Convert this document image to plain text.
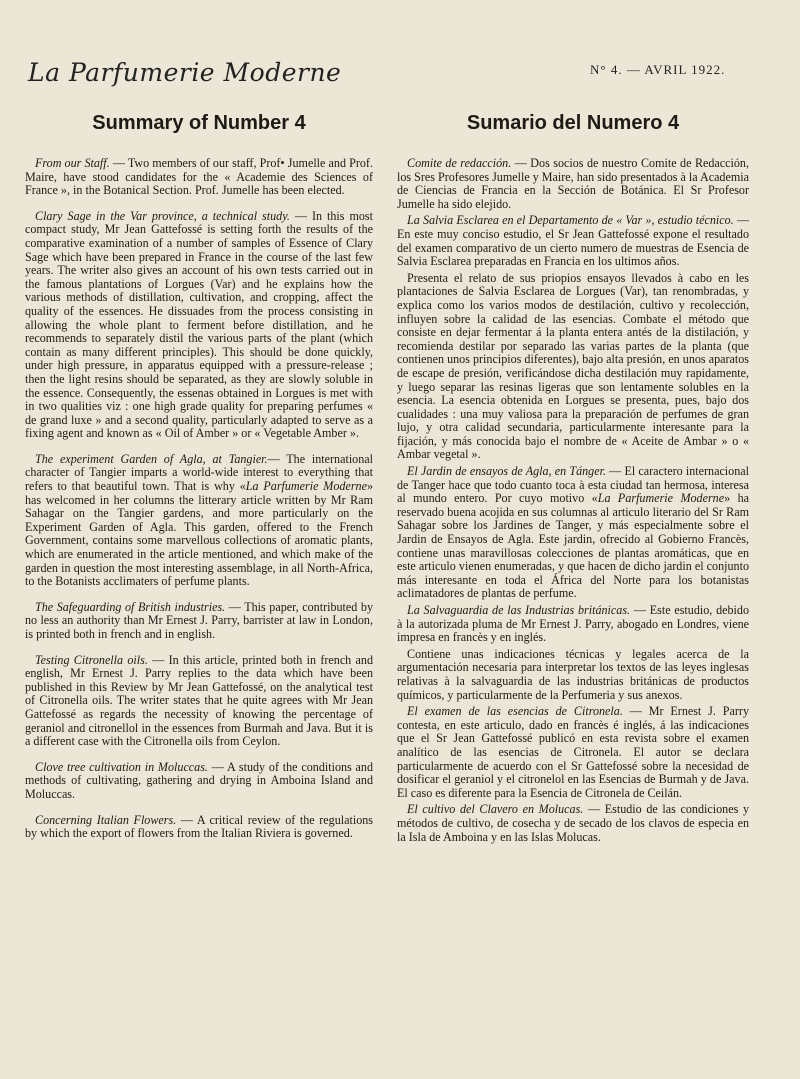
La Parfumerie Moderne	N° 4. — AVRIL 1922.
Summary of Number 4

From our Staff. — Two members of our staff, Prof• Jumelle and Prof. Maire, have stood candidates for the « Academie des Sciences of France », in the Botanical Section. Prof. Jumelle has been elected.

Clary Sage in the Var province, a technical study. — In this most compact study, Mr Jean Gattefossé is setting forth the results of the comparative examination of a number of samples of Essence of Clary Sage which have been prepared in France in the course of the last few years. The writer also gives an account of his own tests carried out in the famous plantations of Lorgues (Var) and he explains how the various methods of distillation, cultivation, and cropping, affect the quality of the essences. He dissuades from the process consisting in allowing the whole plant to ferment before distillation, and he recommends to separately distil the various parts of the plant (which contain as many different principles). This should be done quickly, under high pressure, in apparatus equipped with a pressure-release ; then the light resins should be separated, as they are slowly soluble in the essence. Consequently, the essenas obtained in Lorgues is met with in two qualities viz : one high grade quality for preparing perfumes « de grand luxe » and a second quality, particularly adapted to serve as a fixing agent and known as « Oil of Amber » or « Vegetable Amber ».

The experiment Garden of Agla, at Tangier.— The international character of Tangier imparts a world-wide interest to everything that refers to that beautiful town. That is why «La Parfumerie Moderne» has welcomed in her columns the litterary article written by Mr Ram Sahagar on the Tangier gardens, and more particularly on the Experiment Garden of Agla. This garden, offered to the French Government, contains some marvellous collections of aromatic plants, which are enumerated in the article mentioned, and which make of the garden in question the most interesting assemblage, in all North-Africa, to the Botanists acclimaters of perfume plants.

The Safeguarding of British industries. — This paper, contributed by no less an authority than Mr Ernest J. Parry, barrister at law in London, is printed both in french and in english.

Testing Citronella oils. — In this article, printed both in french and english, Mr Ernest J. Parry replies to the data which have been published in this Review by Mr Jean Gattefossé, on the analytical test of Citronella oils. The writer states that he quite agrees with Mr Jean Gattefossé as regards the necessity of knowing the percentage of geraniol and citronellol in the essences from Burmah and Java. But it is a different case with the Citronella oils from Ceylon.

Clove tree cultivation in Moluccas. — A study of the conditions and methods of cultivating, gathering and drying in Amboina Island and Moluccas.

Concerning Italian Flowers. — A critical review of the regulations by which the export of flowers from the Italian Riviera is governed.

Sumario del Numero 4

Comite de redacción. — Dos socios de nuestro Comite de Redacción, los Sres Profesores Jumelle y Maire, han sido presentados à la Academia de Ciencias de Francia en la Sección de Botánica. El Sr Profesor Jumelle ha sido elejido.

La Salvia Esclarea en el Departamento de « Var », estudio técnico. — En este muy conciso estudio, el Sr Jean Gattefossé expone el resultado del examen comparativo de un cierto numero de muestras de Esencia de Salvia Esclarea preparadas en Francia en los ultimos años.

Presenta el relato de sus priopios ensayos llevados à cabo en les plantaciones de Salvia Esclarea de Lorgues (Var), tan renombradas, y explica como los varios modos de destilación, cultivo y recolección, influyen sobre la calidad de las esencias. Combate el método que consiste en dejar fermentar á la planta entera antés de la distilación, y recomienda destilar por separado las varias partes de la planta (que contienen unos principios diferentes), bajo alta presión, en unos aparatos de escape de presión, verificándose dicha destilación muy rapidamente, y luego separar las resinas ligeras que son lentamente solubles en la esencia. La esencia obtenida en Lorgues se presenta, pues, bajo dos cualidades : una muy valiosa para la preparación de perfumes de gran lujo, y otra calidad secundaria, particularmente interesante para la fijación, y más conocida bajo el nombre de « Aceite de Ambar » o « Ambar vegetal ».

El Jardin de ensayos de Agla, en Tánger. — El caractero internacional de Tanger hace que todo cuanto toca à esta ciudad tan hermosa, interesa al mundo entero. Por cuyo motivo «La Parfumerie Moderne» ha reservado buena acojida en sus columnas al articulo literario del Sr Ram Sahagar sobre los Jardines de Tanger, y más especialmente sobre el Jardin de Ensayos de Agla. Este jardin, ofrecido al Gobierno Francès, contiene unas maravillosas colecciones de plantas aromáticas, que en este articulo vienen enumeradas, y que hacen de dicho jardin el conjunto más interesante en toda el África del Norte para los botanistas aclimatadores de plantas de perfume.

La Salvaguardia de las Industrias británicas. — Este estudio, debido à la autorizada pluma de Mr Ernest J. Parry, abogado en Londres, viene impresa en francès y en inglés.

Contiene unas indicaciones técnicas y legales acerca de la argumentación necesaria para interpretar los textos de las leyes inglesas relativas à la salvaguardia de las industrias británicas de productos químicos, y particularmente de la Perfumeria y sus anexos.

El examen de las esencias de Citronela. — Mr Ernest J. Parry contesta, en este articulo, dado en francès é inglés, á las indicaciones que el Sr Jean Gattefossé publicó en esta revista sobre el examen analítico de las esencias de Citronela. El autor se declara particularmente de acuerdo con el Sr Gattefossé sobre la necesidad de dosificar el geraniol y el citronelol en las Esencias de Burmah y de Java. El caso es diferente para la Esencia de Citronela de Ceilán.

El cultivo del Clavero en Molucas. — Estudio de las condiciones y métodos de cultivo, de cosecha y de secado de los clavos de especia en la Isla de Amboina y en las Islas Molucas.
